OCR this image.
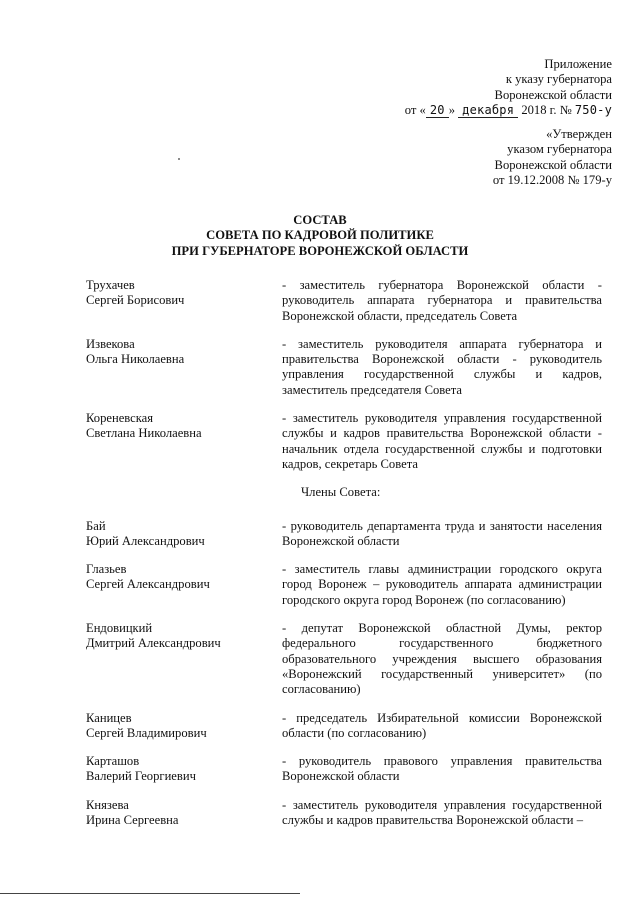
Приложение
к указу губернатора
Воронежской области
от « 20 » декабря 2018 г. № 750-у
«Утвержден
указом губернатора
Воронежской области
от 19.12.2008 № 179-у
СОСТАВ
СОВЕТА ПО КАДРОВОЙ ПОЛИТИКЕ
ПРИ ГУБЕРНАТОРЕ ВОРОНЕЖСКОЙ ОБЛАСТИ
Трухачев
Сергей Борисович
- заместитель губернатора Воронежской области - руководитель аппарата губернатора и правительства Воронежской области, председатель Совета
Извекова
Ольга Николаевна
- заместитель руководителя аппарата губернатора и правительства Воронежской области - руководитель управления государственной службы и кадров, заместитель председателя Совета
Кореневская
Светлана Николаевна
- заместитель руководителя управления государственной службы и кадров правительства Воронежской области - начальник отдела государственной службы и подготовки кадров, секретарь Совета
Члены Совета:
Бай
Юрий Александрович
- руководитель департамента труда и занятости населения Воронежской области
Глазьев
Сергей Александрович
- заместитель главы администрации городского округа город Воронеж – руководитель аппарата администрации городского округа город Воронеж (по согласованию)
Ендовицкий
Дмитрий Александрович
- депутат Воронежской областной Думы, ректор федерального государственного бюджетного образовательного учреждения высшего образования «Воронежский государственный университет» (по согласованию)
Каницев
Сергей Владимирович
- председатель Избирательной комиссии Воронежской области (по согласованию)
Карташов
Валерий Георгиевич
- руководитель правового управления правительства Воронежской области
Князева
Ирина Сергеевна
- заместитель руководителя управления государственной службы и кадров правительства Воронежской области –
